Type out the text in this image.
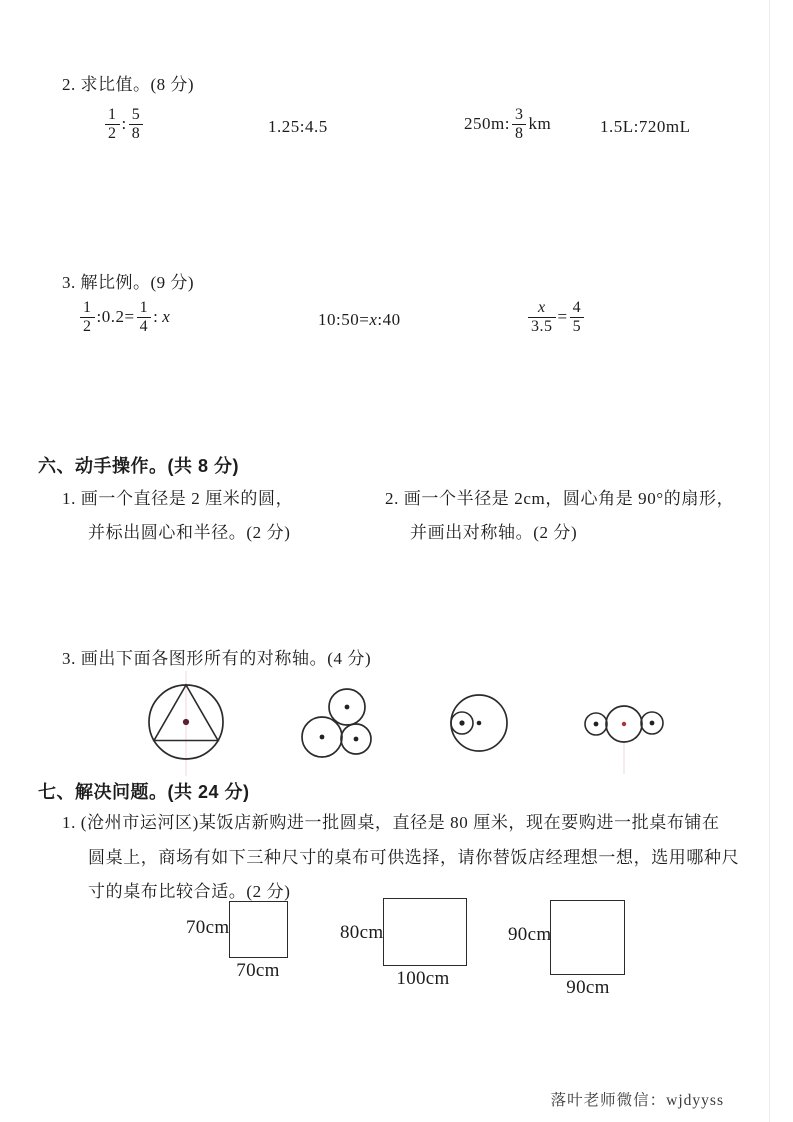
2. 求比值。(8 分)
$\frac{1}{2}$ : $\frac{5}{8}$	1.25:4.5	250m: $\frac{3}{8}$ km	1.5L:720mL
3. 解比例。(9 分)
$\frac{1}{2}$ :0.2= $\frac{1}{4}$ : x	10:50= x :40	$\frac{x}{3.5} = \frac{4}{5}$
六、动手操作。(共 8 分)
1. 画一个直径是 2 厘米的圆，
并标出圆心和半径。(2 分)
2. 画一个半径是 2cm，圆心角是 90°的扇形，
并画出对称轴。(2 分)
3. 画出下面各图形所有的对称轴。(4 分)
七、解决问题。(共 24 分)
1. (沧州市运河区)某饭店新购进一批圆桌，直径是 80 厘米，现在要购进一批桌布铺在
圆桌上，商场有如下三种尺寸的桌布可供选择，请你替饭店经理想一想，选用哪种尺
寸的桌布比较合适。(2 分)
70cm
70cm
80cm
100cm
90cm
90cm
落叶老师微信：wjdyyss
